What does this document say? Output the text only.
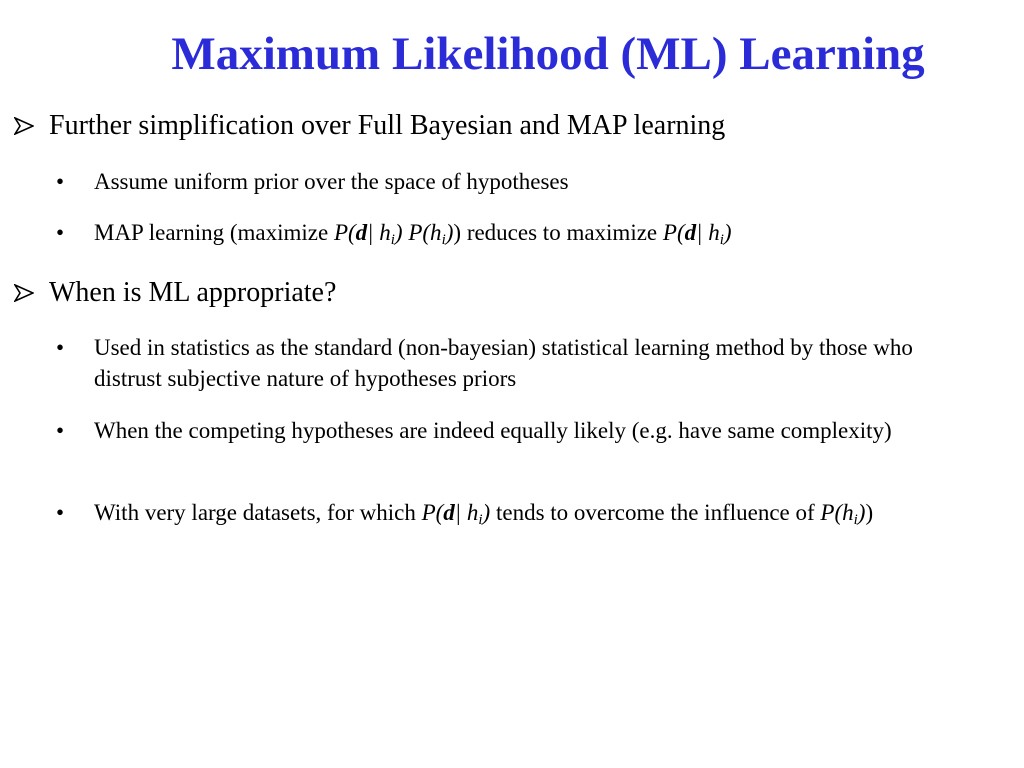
Maximum Likelihood (ML) Learning
Further simplification over Full Bayesian and MAP learning
• Assume uniform prior over the space of hypotheses
• MAP learning (maximize P(d| $h_i$) $P(h_i)$) reduces to maximize P(d| $h_i$)
When is ML appropriate?
• Used in statistics as the standard (non-bayesian) statistical learning method by those who distrust subjective nature of hypotheses priors
• When the competing hypotheses are indeed equally likely (e.g. have same complexity)
• With very large datasets, for which P(d| $h_i$) tends to overcome the influence of $P(h_i)$)
